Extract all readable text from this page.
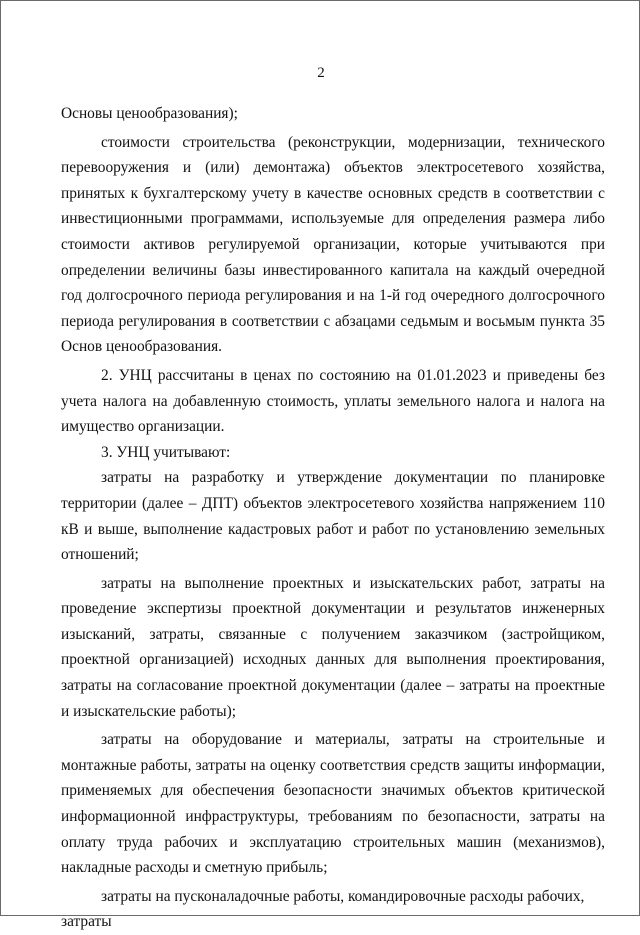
2

Основы ценообразования);

стоимости строительства (реконструкции, модернизации, технического перевооружения и (или) демонтажа) объектов электросетевого хозяйства, принятых к бухгалтерскому учету в качестве основных средств в соответствии с инвестиционными программами, используемые для определения размера либо стоимости активов регулируемой организации, которые учитываются при определении величины базы инвестированного капитала на каждый очередной год долгосрочного периода регулирования и на 1-й год очередного долгосрочного периода регулирования в соответствии с абзацами седьмым и восьмым пункта 35 Основ ценообразования.

2. УНЦ рассчитаны в ценах по состоянию на 01.01.2023 и приведены без учета налога на добавленную стоимость, уплаты земельного налога и налога на имущество организации.

3. УНЦ учитывают:

затраты на разработку и утверждение документации по планировке территории (далее – ДПТ) объектов электросетевого хозяйства напряжением 110 кВ и выше, выполнение кадастровых работ и работ по установлению земельных отношений;

затраты на выполнение проектных и изыскательских работ, затраты на проведение экспертизы проектной документации и результатов инженерных изысканий, затраты, связанные с получением заказчиком (застройщиком, проектной организацией) исходных данных для выполнения проектирования, затраты на согласование проектной документации (далее – затраты на проектные и изыскательские работы);

затраты на оборудование и материалы, затраты на строительные и монтажные работы, затраты на оценку соответствия средств защиты информации, применяемых для обеспечения безопасности значимых объектов критической информационной инфраструктуры, требованиям по безопасности, затраты на оплату труда рабочих и эксплуатацию строительных машин (механизмов), накладные расходы и сметную прибыль;

затраты на пусконаладочные работы, командировочные расходы рабочих, затраты
